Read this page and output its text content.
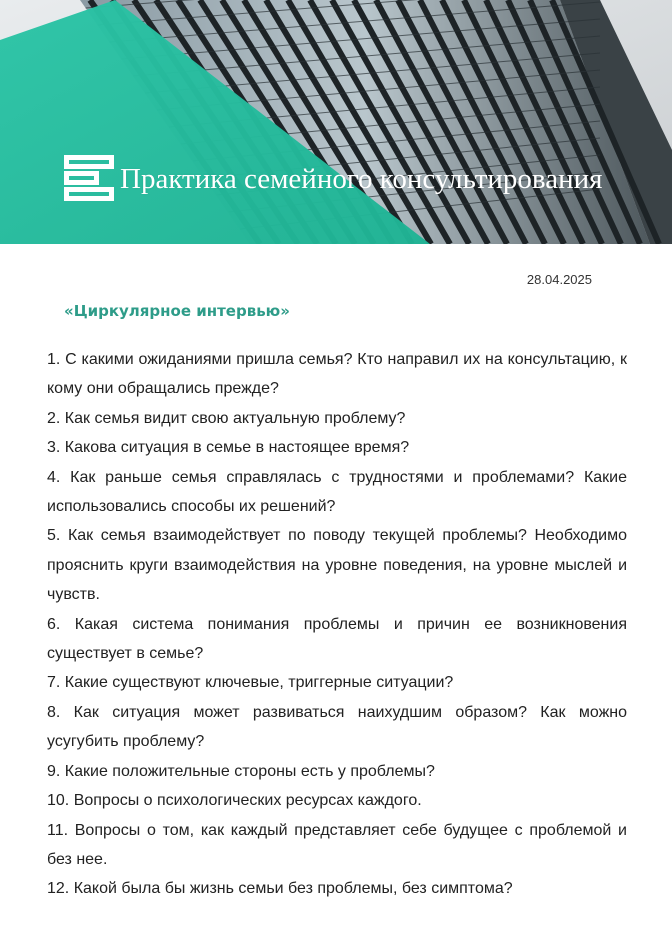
Практика семейного консультирования
28.04.2025
«Циркулярное интервью»
1. С какими ожиданиями пришла семья? Кто направил их на консультацию, к кому они обращались прежде?
2. Как семья видит свою актуальную проблему?
3. Какова ситуация в семье в настоящее время?
4. Как раньше семья справлялась с трудностями и проблемами? Какие использовались способы их решений?
5. Как семья взаимодействует по поводу текущей проблемы? Необходимо прояснить круги взаимодействия на уровне поведения, на уровне мыслей и чувств.
6. Какая система понимания проблемы и причин ее возникновения существует в семье?
7. Какие существуют ключевые, триггерные ситуации?
8. Как ситуация может развиваться наихудшим образом? Как можно усугубить проблему?
9. Какие положительные стороны есть у проблемы?
10. Вопросы о психологических ресурсах каждого.
11. Вопросы о том, как каждый представляет себе будущее с проблемой и без нее.
12. Какой была бы жизнь семьи без проблемы, без симптома?
